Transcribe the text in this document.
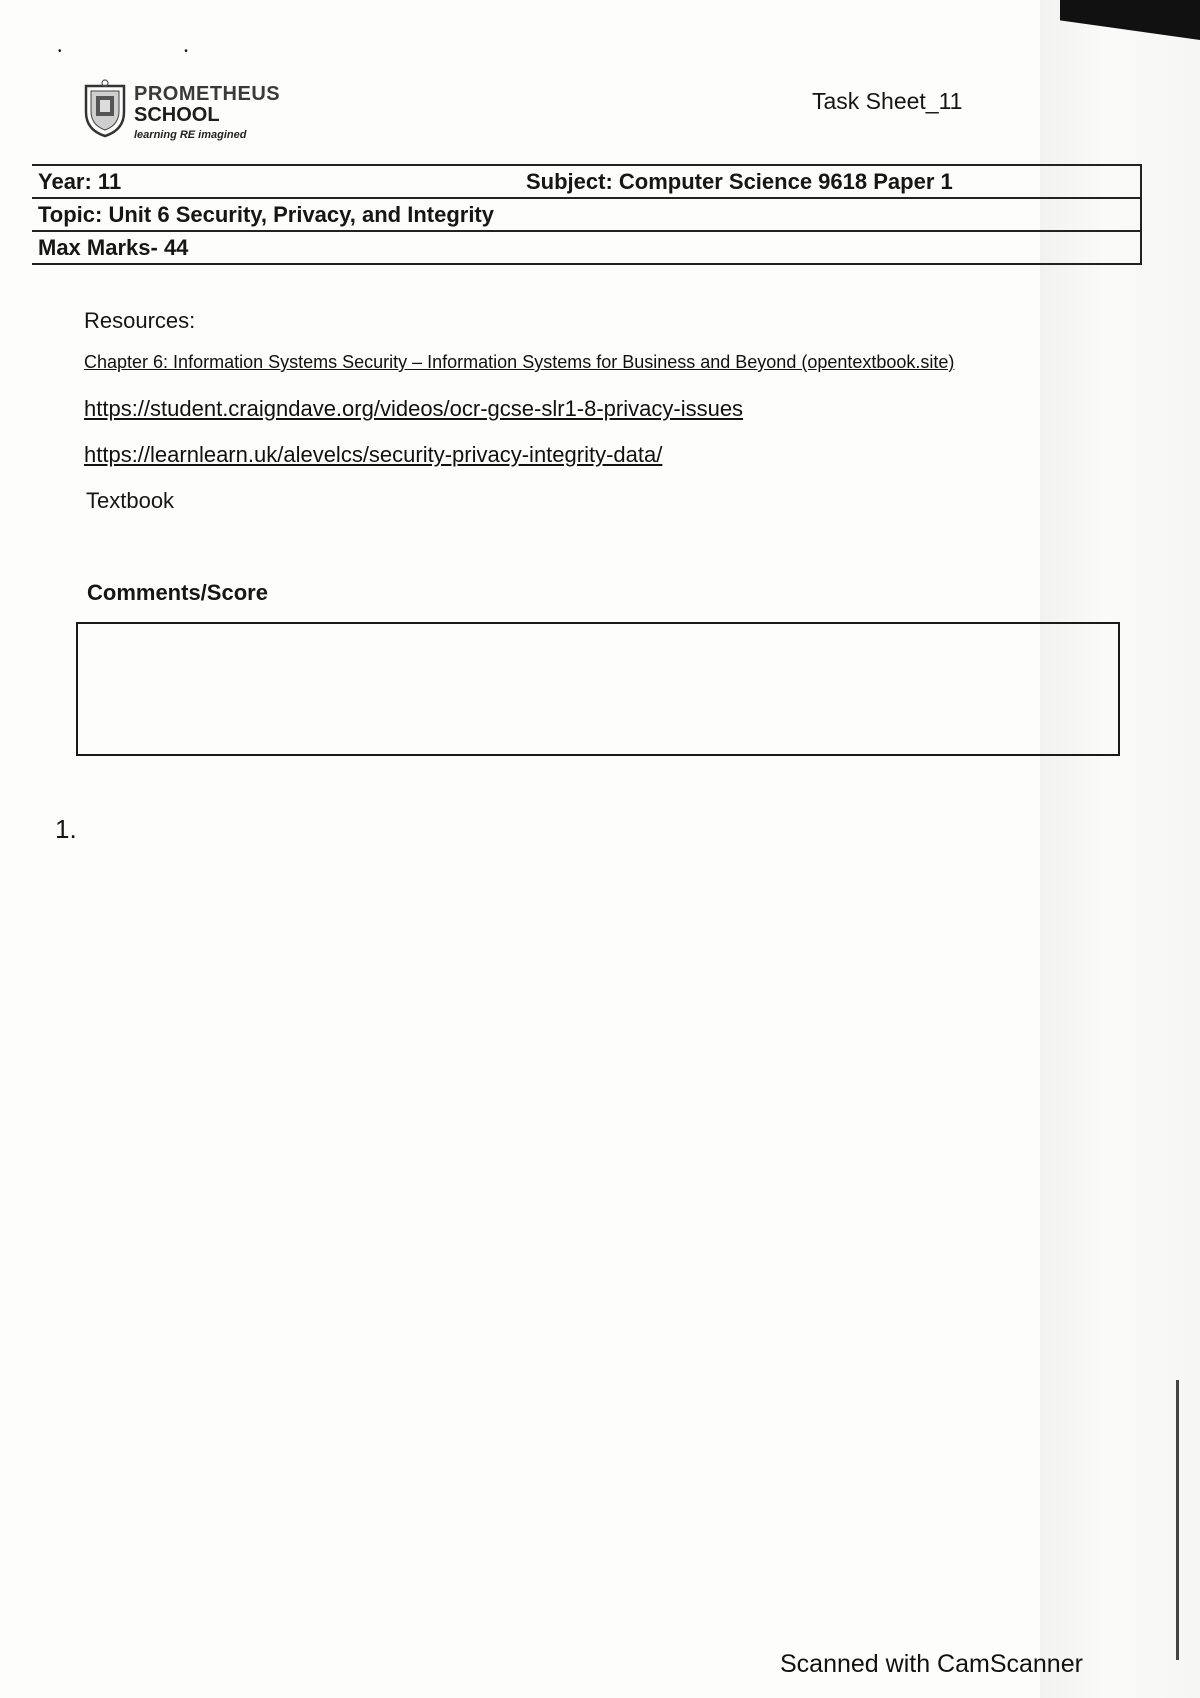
• •
PROMETHEUS
SCHOOL
learning RE imagined
Task Sheet_11
Year: 11	Subject: Computer Science 9618 Paper 1
Topic: Unit 6 Security, Privacy, and Integrity
Max Marks- 44
Resources:
Chapter 6: Information Systems Security – Information Systems for Business and Beyond (opentextbook.site)
https://student.craigndave.org/videos/ocr-gcse-slr1-8-privacy-issues
https://learnlearn.uk/alevelcs/security-privacy-integrity-data/
Textbook
Comments/Score
1.
Scanned with CamScanner
